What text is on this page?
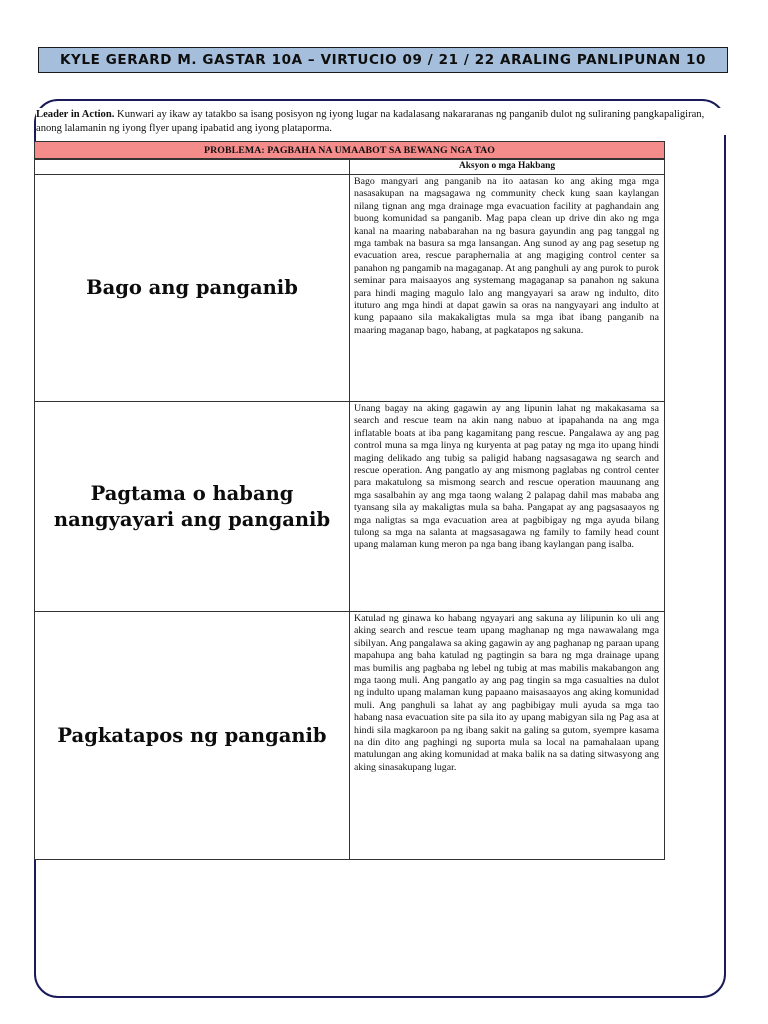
KYLE GERARD M. GASTAR 10A – VIRTUCIO 09 / 21 / 22 ARALING PANLIPUNAN 10
Leader in Action. Kunwari ay ikaw ay tatakbo sa isang posisyon ng iyong lugar na kadalasang nakararanas ng panganib dulot ng suliraning pangkapaligiran, anong lalamanin ng iyong flyer upang ipabatid ang iyong plataporma.
PROBLEMA: PAGBAHA NA UMAABOT SA BEWANG NGA TAO
	Aksyon o mga Hakbang

Bago ang panganib	Bago mangyari ang panganib na ito aatasan ko ang aking mga mga nasasakupan na magsagawa ng community check kung saan kaylangan nilang tignan ang mga drainage mga evacuation facility at paghandain ang buong komunidad sa panganib. Mag papa clean up drive din ako ng mga kanal na maaring nababarahan na ng basura gayundin ang pag tanggal ng mga tambak na basura sa mga lansangan. Ang sunod ay ang pag sesetup ng evacuation area, rescue paraphernalia at ang magiging control center sa panahon ng pangamib na magaganap. At ang panghuli ay ang purok to purok seminar para maisaayos ang systemang magaganap sa panahon ng sakuna para hindi maging magulo lalo ang mangyayari sa araw ng indulto, dito ituturo ang mga hindi at dapat gawin sa oras na nangyayari ang indulto at kung papaano sila makakaligtas mula sa mga ibat ibang panganib na maaring maganap bago, habang, at pagkatapos ng sakuna.

Pagtama o habang nangyayari ang panganib	Unang bagay na aking gagawin ay ang lipunin lahat ng makakasama sa search and rescue team na akin nang nabuo at ipapahanda na ang mga inflatable boats at iba pang kagamitang pang rescue. Pangalawa ay ang pag control muna sa mga linya ng kuryenta at pag patay ng mga ito upang hindi maging delikado ang tubig sa paligid habang nagsasagawa ng search and rescue operation. Ang pangatlo ay ang mismong paglabas ng control center para makatulong sa mismong search and rescue operation mauunang ang mga sasalbahin ay ang mga taong walang 2 palapag dahil mas mababa ang tyansang sila ay makaligtas mula sa baha. Pangapat ay ang pagsasaayos ng mga naligtas sa mga evacuation area at pagbibigay ng mga ayuda bilang tulong sa mga na salanta at magsasagawa ng family to family head count upang malaman kung meron pa nga bang ibang kaylangan pang isalba.

Pagkatapos ng panganib	Katulad ng ginawa ko habang ngyayari ang sakuna ay lilipunin ko uli ang aking search and rescue team upang maghanap ng mga nawawalang mga sibilyan. Ang pangalawa sa aking gagawin ay ang paghanap ng paraan upang mapahupa ang baha katulad ng pagtingin sa bara ng mga drainage upang mas bumilis ang pagbaba ng lebel ng tubig at mas mabilis makabangon ang mga taong muli. Ang pangatlo ay ang pag tingin sa mga casualties na dulot ng indulto upang malaman kung papaano maisasaayos ang aking komunidad muli. Ang panghuli sa lahat ay ang pagbibigay muli ayuda sa mga tao habang nasa evacuation site pa sila ito ay upang mabigyan sila ng Pag asa at hindi sila magkaroon pa ng ibang sakit na galing sa gutom, syempre kasama na din dito ang paghingi ng suporta mula sa local na pamahalaan upang matulungan ang aking komunidad at maka balik na sa dating sitwasyong ang aking sinasakupang lugar.
